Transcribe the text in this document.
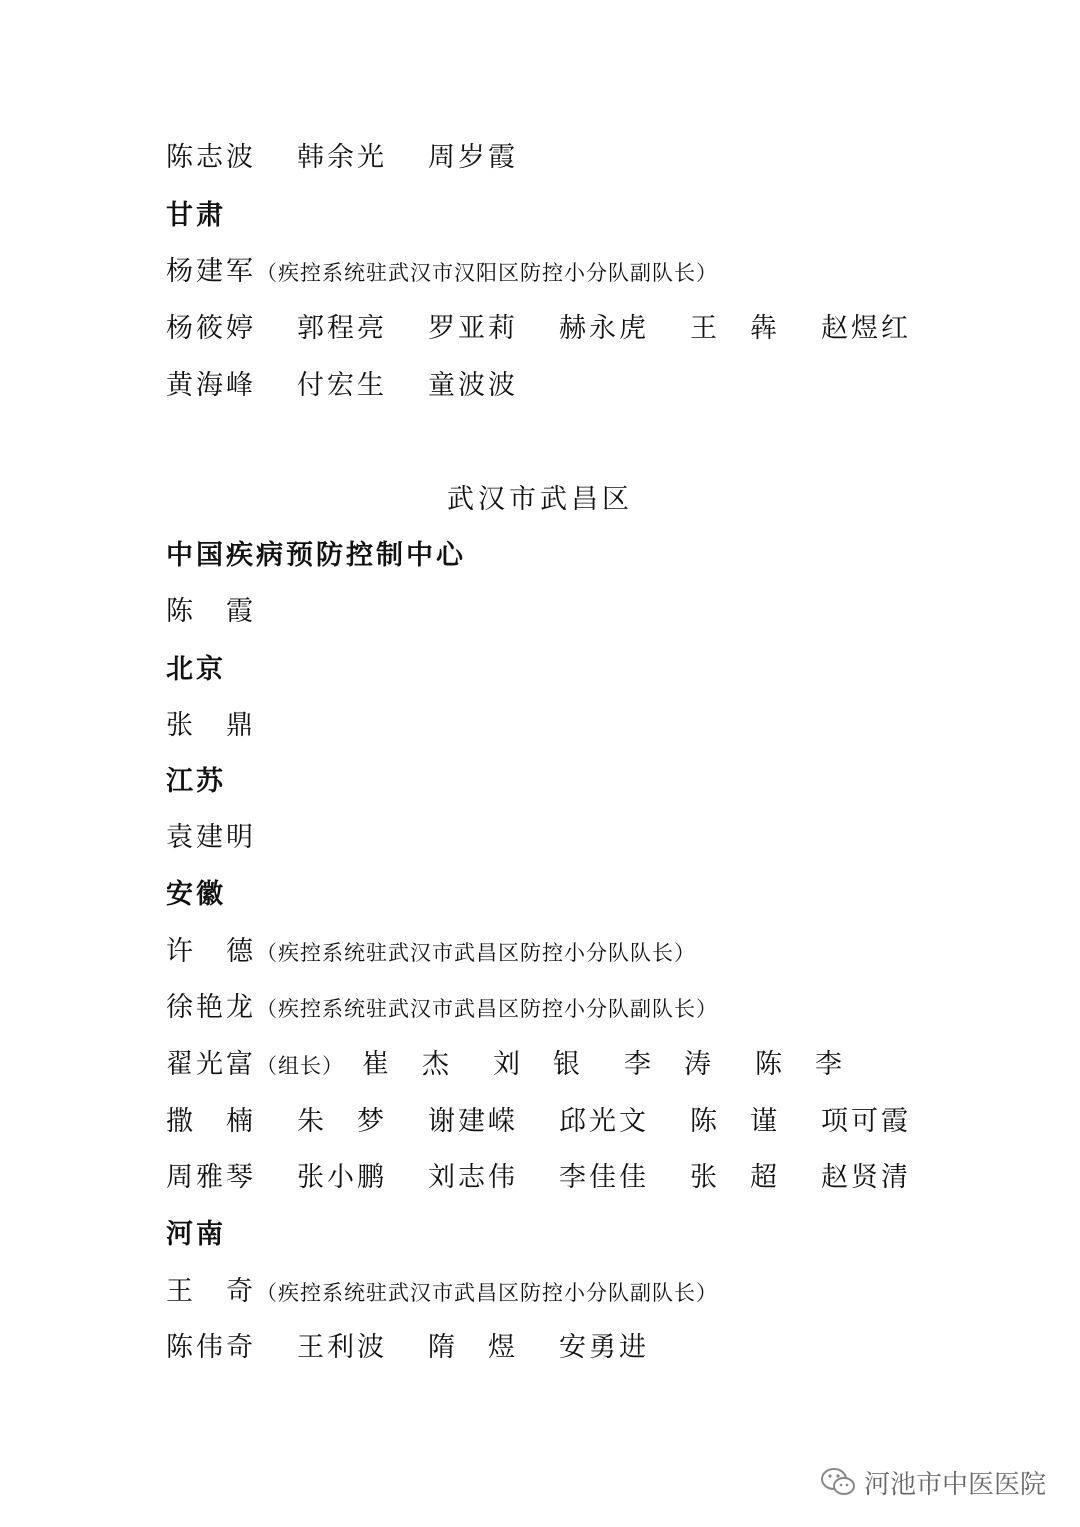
陈志波 韩余光 周岁霞
甘肃
杨建军（疾控系统驻武汉市汉阳区防控小分队副队长）
杨筱婷 郭程亮 罗亚莉 赫永虎 王　犇 赵煜红
黄海峰 付宏生 童波波
武汉市武昌区
中国疾病预防控制中心
陈　霞
北京
张　鼎
江苏
袁建明
安徽
许　德（疾控系统驻武汉市武昌区防控小分队队长）
徐艳龙（疾控系统驻武汉市武昌区防控小分队副队长）
翟光富（组长） 崔　杰 刘　银 李　涛 陈　李
撒　楠 朱　梦 谢建嵘 邱光文 陈　谨 项可霞
周雅琴 张小鹏 刘志伟 李佳佳 张　超 赵贤清
河南
王　奇（疾控系统驻武汉市武昌区防控小分队副队长）
陈伟奇 王利波 隋　煜 安勇进
河池市中医医院
